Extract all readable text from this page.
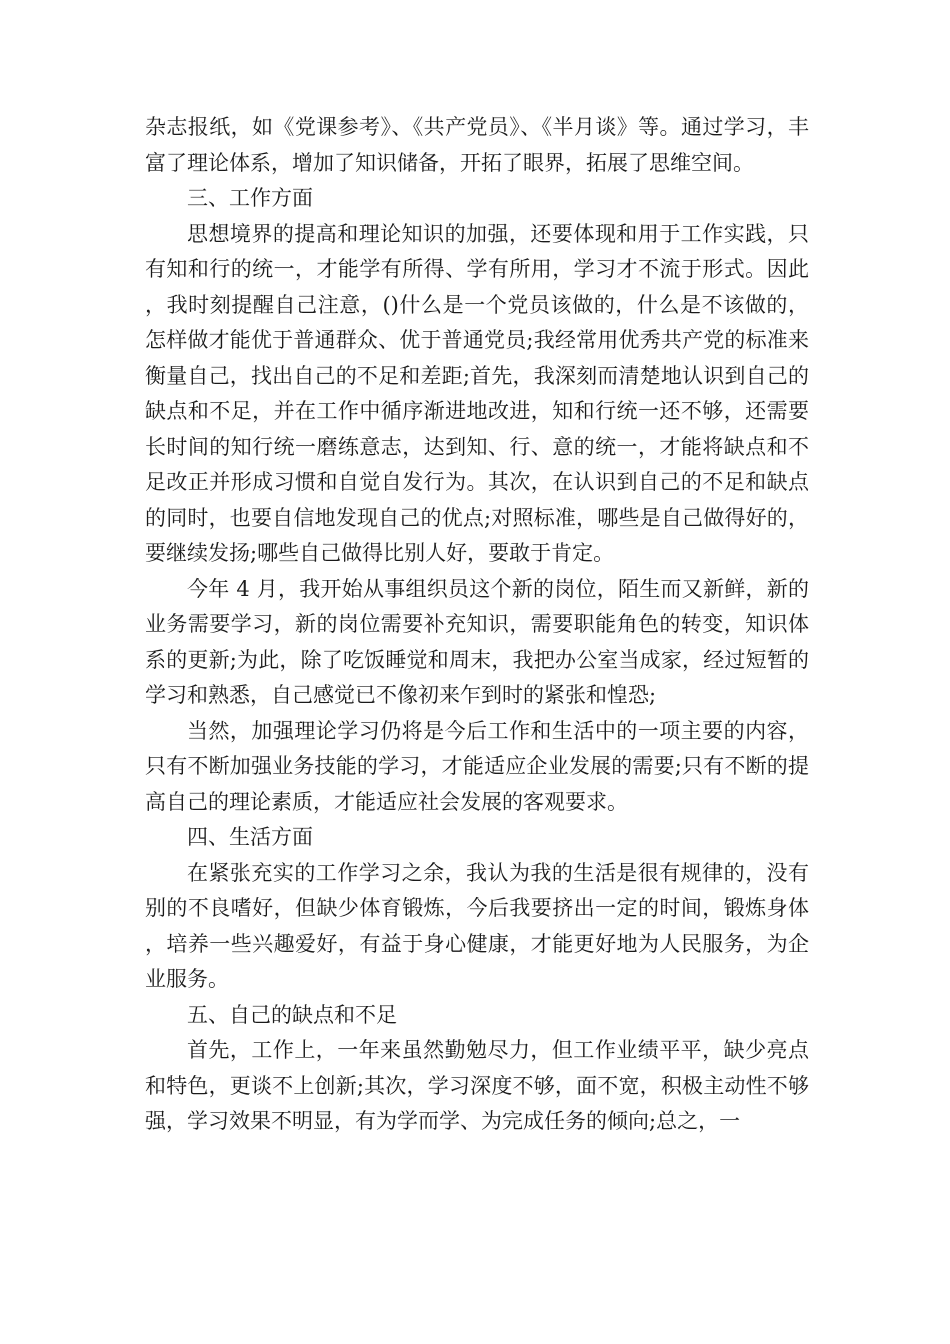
杂志报纸，如《党课参考》、《共产党员》、《半月谈》等。通过学习，丰富了理论体系，增加了知识储备，开拓了眼界，拓展了思维空间。

三、工作方面

思想境界的提高和理论知识的加强，还要体现和用于工作实践，只有知和行的统一，才能学有所得、学有所用，学习才不流于形式。因此，我时刻提醒自己注意，()什么是一个党员该做的，什么是不该做的，怎样做才能优于普通群众、优于普通党员;我经常用优秀共产党的标准来衡量自己，找出自己的不足和差距;首先，我深刻而清楚地认识到自己的缺点和不足，并在工作中循序渐进地改进，知和行统一还不够，还需要长时间的知行统一磨练意志，达到知、行、意的统一，才能将缺点和不足改正并形成习惯和自觉自发行为。其次，在认识到自己的不足和缺点的同时，也要自信地发现自己的优点;对照标准，哪些是自己做得好的，要继续发扬;哪些自己做得比别人好，要敢于肯定。

今年 4 月，我开始从事组织员这个新的岗位，陌生而又新鲜，新的业务需要学习，新的岗位需要补充知识，需要职能角色的转变，知识体系的更新;为此，除了吃饭睡觉和周末，我把办公室当成家，经过短暂的学习和熟悉，自己感觉已不像初来乍到时的紧张和惶恐;

当然，加强理论学习仍将是今后工作和生活中的一项主要的内容，只有不断加强业务技能的学习，才能适应企业发展的需要;只有不断的提高自己的理论素质，才能适应社会发展的客观要求。

四、生活方面

在紧张充实的工作学习之余，我认为我的生活是很有规律的，没有别的不良嗜好，但缺少体育锻炼，今后我要挤出一定的时间，锻炼身体，培养一些兴趣爱好，有益于身心健康，才能更好地为人民服务，为企业服务。

五、自己的缺点和不足

首先，工作上，一年来虽然勤勉尽力，但工作业绩平平，缺少亮点和特色，更谈不上创新;其次，学习深度不够，面不宽，积极主动性不够强，学习效果不明显，有为学而学、为完成任务的倾向;总之，一
